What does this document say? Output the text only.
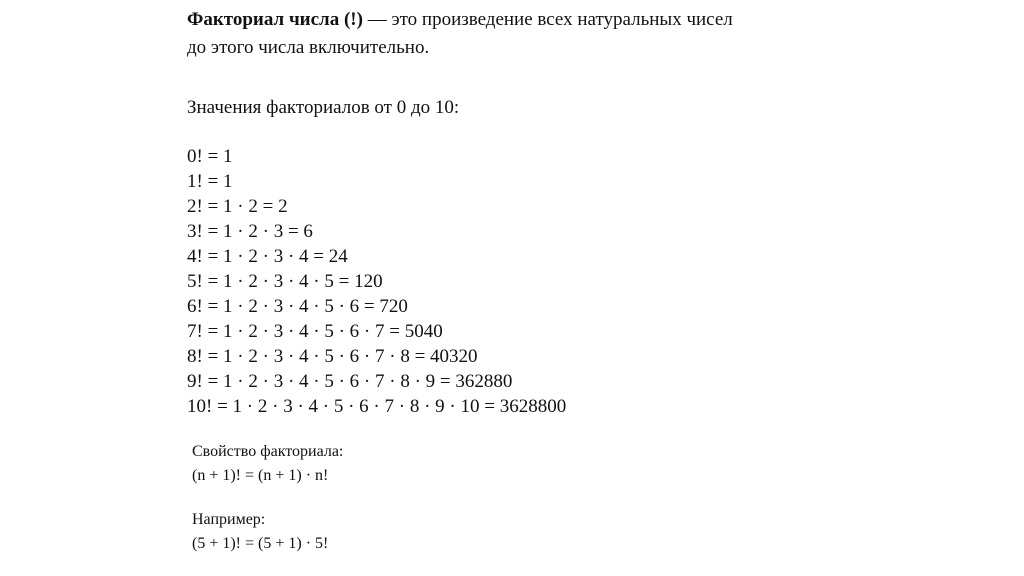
Факториал числа (!) — это произведение всех натуральных чисел
до этого числа включительно.
Значения факториалов от 0 до 10:
0! = 1
1! = 1
2! = 1 · 2 = 2
3! = 1 · 2 · 3 = 6
4! = 1 · 2 · 3 · 4 = 24
5! = 1 · 2 · 3 · 4 · 5 = 120
6! = 1 · 2 · 3 · 4 · 5 · 6 = 720
7! = 1 · 2 · 3 · 4 · 5 · 6 · 7 = 5040
8! = 1 · 2 · 3 · 4 · 5 · 6 · 7 · 8 = 40320
9! = 1 · 2 · 3 · 4 · 5 · 6 · 7 · 8 · 9 = 362880
10! = 1 · 2 · 3 · 4 · 5 · 6 · 7 · 8 · 9 · 10 = 3628800
Свойство факториала:
(n + 1)! = (n + 1) · n!
Например:
(5 + 1)! = (5 + 1) · 5!
